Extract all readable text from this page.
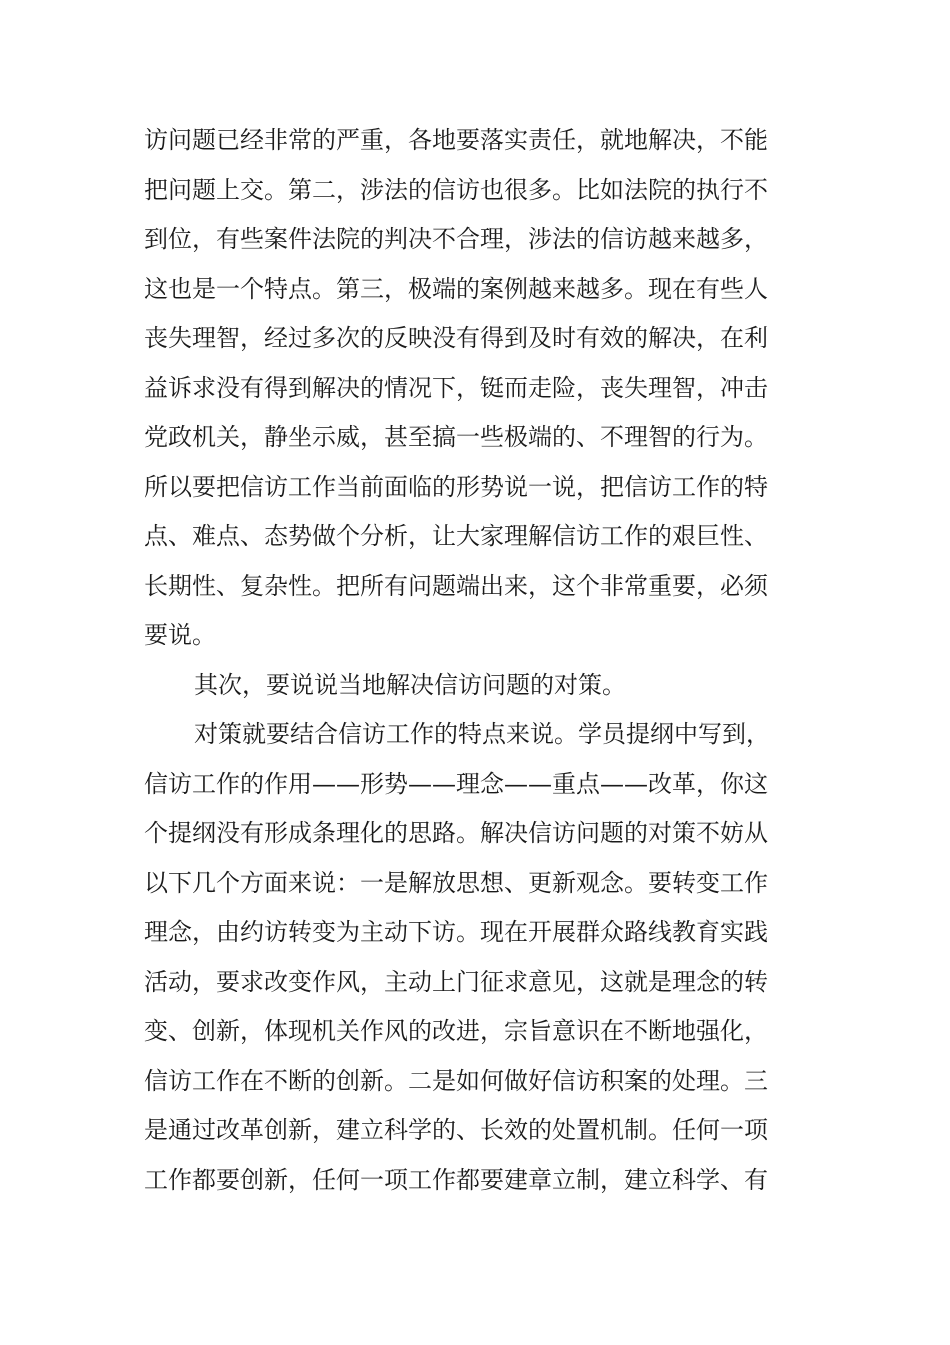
访问题已经非常的严重，各地要落实责任，就地解决，不能
把问题上交。第二，涉法的信访也很多。比如法院的执行不
到位，有些案件法院的判决不合理，涉法的信访越来越多，
这也是一个特点。第三，极端的案例越来越多。现在有些人
丧失理智，经过多次的反映没有得到及时有效的解决，在利
益诉求没有得到解决的情况下，铤而走险，丧失理智，冲击
党政机关，静坐示威，甚至搞一些极端的、不理智的行为。
所以要把信访工作当前面临的形势说一说，把信访工作的特
点、难点、态势做个分析，让大家理解信访工作的艰巨性、
长期性、复杂性。把所有问题端出来，这个非常重要，必须
要说。
其次，要说说当地解决信访问题的对策。
对策就要结合信访工作的特点来说。学员提纲中写到，
信访工作的作用——形势——理念——重点——改革，你这
个提纲没有形成条理化的思路。解决信访问题的对策不妨从
以下几个方面来说：一是解放思想、更新观念。要转变工作
理念，由约访转变为主动下访。现在开展群众路线教育实践
活动，要求改变作风，主动上门征求意见，这就是理念的转
变、创新，体现机关作风的改进，宗旨意识在不断地强化，
信访工作在不断的创新。二是如何做好信访积案的处理。三
是通过改革创新，建立科学的、长效的处置机制。任何一项
工作都要创新，任何一项工作都要建章立制，建立科学、有
